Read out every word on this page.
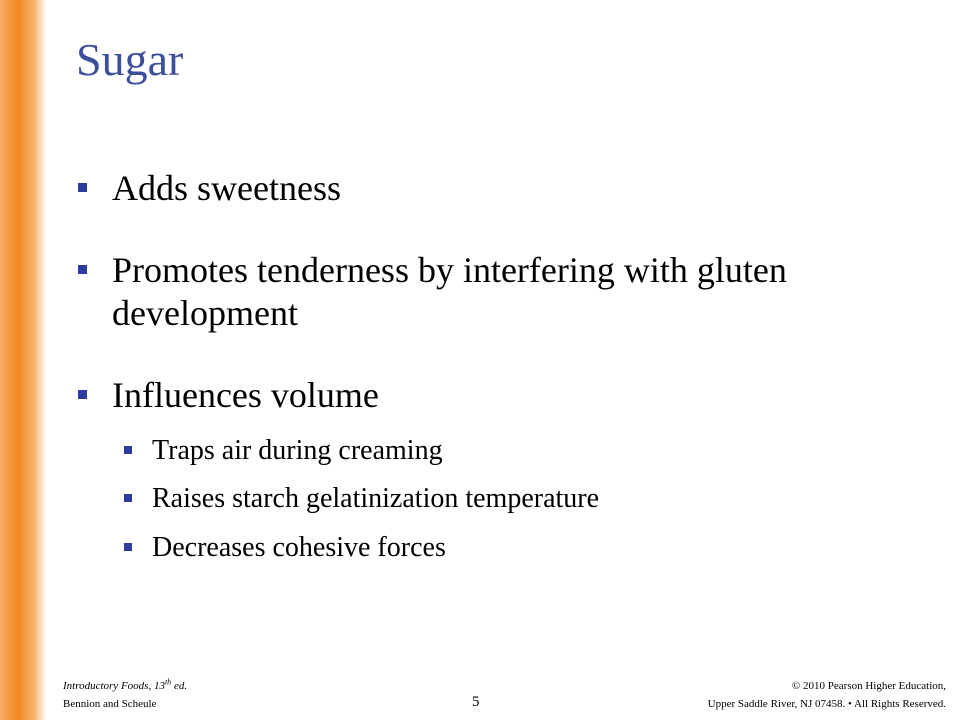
Sugar
Adds sweetness
Promotes tenderness by interfering with gluten
development
Influences volume
Traps air during creaming
Raises starch gelatinization temperature
Decreases cohesive forces
Introductory Foods, 13th ed.
Bennion and Scheule	5
© 2010 Pearson Higher Education,
Upper Saddle River, NJ 07458. • All Rights Reserved.
